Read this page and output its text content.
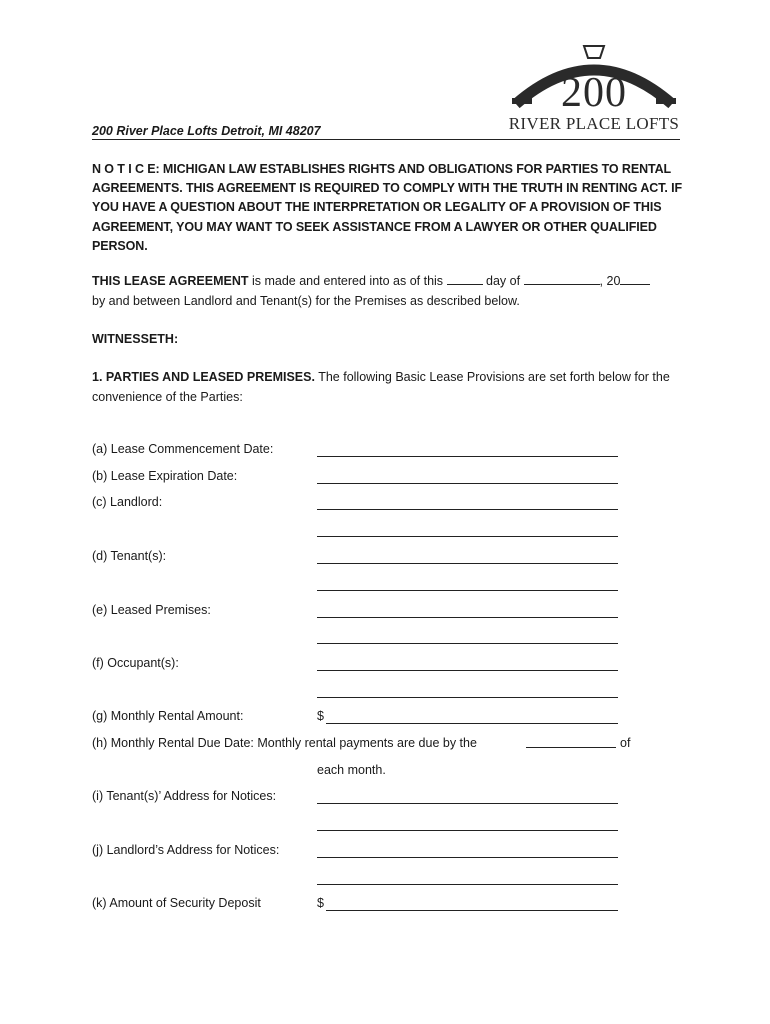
200
RIVER PLACE LOFTS
200 River Place Lofts Detroit, MI 48207
N O T I C E: MICHIGAN LAW ESTABLISHES RIGHTS AND OBLIGATIONS FOR PARTIES TO RENTAL AGREEMENTS. THIS AGREEMENT IS REQUIRED TO COMPLY WITH THE TRUTH IN RENTING ACT. IF YOU HAVE A QUESTION ABOUT THE INTERPRETATION OR LEGALITY OF A PROVISION OF THIS AGREEMENT, YOU MAY WANT TO SEEK ASSISTANCE FROM A LAWYER OR OTHER QUALIFIED PERSON.
THIS LEASE AGREEMENT is made and entered into as of this	day of	, 20
by and between Landlord and Tenant(s) for the Premises as described below.
WITNESSETH:
1. PARTIES AND LEASED PREMISES. The following Basic Lease Provisions are set forth below for the convenience of the Parties:
(a) Lease Commencement Date:
(b) Lease Expiration Date:
(c) Landlord:
(d) Tenant(s):
(e) Leased Premises:
(f) Occupant(s):
(g) Monthly Rental Amount:	$
(h) Monthly Rental Due Date: Monthly rental payments are due by the	of
each month.
(i) Tenant(s)’ Address for Notices:
(j) Landlord’s Address for Notices:
(k) Amount of Security Deposit	$
